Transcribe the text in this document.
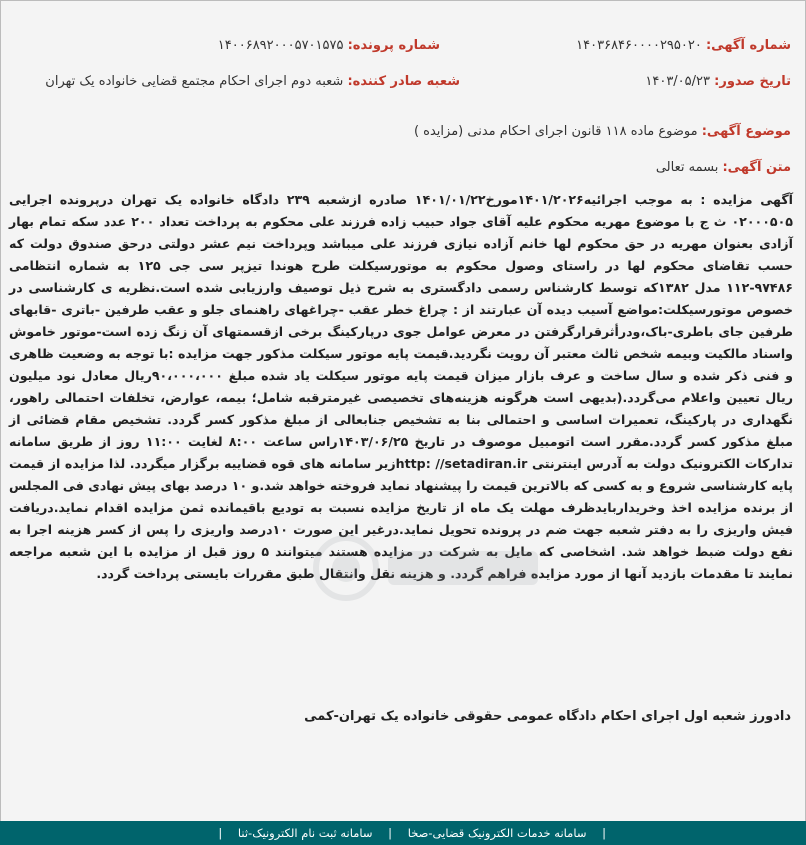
شماره آگهی: ۱۴۰۳۶۸۴۶۰۰۰۰۲۹۵۰۲۰
شماره پرونده: ۱۴۰۰۶۸۹۲۰۰۰۵۷۰۱۵۷۵
تاریخ صدور: ۱۴۰۳/۰۵/۲۳
شعبه صادر کننده: شعبه دوم اجرای احکام مجتمع قضایی خانواده یک تهران
موضوع آگهی: موضوع ماده ۱۱۸ قانون اجرای احکام مدنی (مزایده )
متن آگهی: بسمه تعالی
آگهی مزایده : به موجب اجرائیه۱۴۰۱/۲۰۲۶مورخ۱۴۰۱/۰۱/۲۲ صادره ازشعبه ۲۳۹ دادگاه خانواده یک تهران درپرونده اجرایی ۰۲۰۰۰۵۰۵ ث ج با موضوع مهریه محکوم علیه آقای جواد حبیب زاده فرزند علی محکوم به پرداخت تعداد ۲۰۰ عدد سکه تمام بهار آزادی بعنوان مهریه در حق محکوم لها خانم آزاده نیازی فرزند علی میباشد وپرداخت نیم عشر دولتی درحق صندوق دولت که حسب تقاضای محکوم لها در راستای وصول محکوم به موتورسیکلت طرح هوندا تیزپر سی جی ۱۲۵ به شماره انتظامی ۹۷۴۸۶-۱۱۲ مدل ۱۳۸۲که توسط کارشناس رسمی دادگستری به شرح ذیل توصیف وارزیابی شده است.نظریه ی کارشناسی در خصوص موتورسیکلت:مواضع آسیب دیده آن عبارتند از : چراغ خطر عقب -چراغهای راهنمای جلو و عقب طرفین -باتری -قابهای طرفین جای باطری-باک،ودرأثرقرارگرفتن در معرض عوامل جوی درپارکینگ برخی ازقسمتهای آن زنگ زده است-موتور خاموش واسناد مالکیت وبیمه شخص ثالث معتبر آن رویت نگردید.قیمت پایه موتور سیکلت مذکور جهت مزایده :با توجه به وضعیت ظاهری و فنی ذکر شده و سال ساخت و عرف بازار میزان قیمت پایه موتور سیکلت یاد شده مبلغ ۹۰،۰۰۰،۰۰۰ریال معادل نود میلیون ریال تعیین واعلام می‌گردد.(بدیهی است هرگونه هزینه‌های تخصیصی غیرمترقبه شامل؛ بیمه، عوارض، تخلفات احتمالی راهور، نگهداری در پارکینگ، تعمیرات اساسی و احتمالی بنا به تشخیص جنابعالی از مبلغ مذکور کسر گردد. تشخیص مقام قضائی از مبلغ مذکور کسر گردد.مقرر است اتومبیل موصوف در تاریخ ۱۴۰۳/۰۶/۲۵راس ساعت ۸:۰۰ لغایت ۱۱:۰۰ روز از طریق سامانه تدارکات الکترونیک دولت به آدرس اینترنتی http: //setadiran.irزیر سامانه های قوه قضاییه برگزار میگردد. لذا مزایده از قیمت پایه کارشناسی شروع و به کسی که بالاترین قیمت را پیشنهاد نماید فروخته خواهد شد.و ۱۰ درصد بهای پیش نهادی فی المجلس از برنده مزایده اخذ وخریداربایدظرف مهلت یک ماه از تاریخ مزایده نسبت به تودیع باقیمانده ثمن مزایده اقدام نماید.دریافت فیش واریزی را به دفتر شعبه جهت ضم در پرونده تحویل نماید.درغیر این صورت ۱۰درصد واریزی را پس از کسر هزینه اجرا به نفع دولت ضبط خواهد شد. اشخاصی که مایل به شرکت در مزایده هستند میتوانند ۵ روز قبل از مزایده با این شعبه مراجعه نمایند تا مقدمات بازدید آنها از مورد مزایده فراهم گردد. و هزینه نقل وانتقال طبق مقررات بایستی پرداخت گردد.
دادورز شعبه اول اجرای احکام دادگاه عمومی حقوقی خانواده یک تهران-کمی
| سامانه خدمات الکترونیک قضایی-صخا | سامانه ثبت نام الکترونیک-ثنا |
